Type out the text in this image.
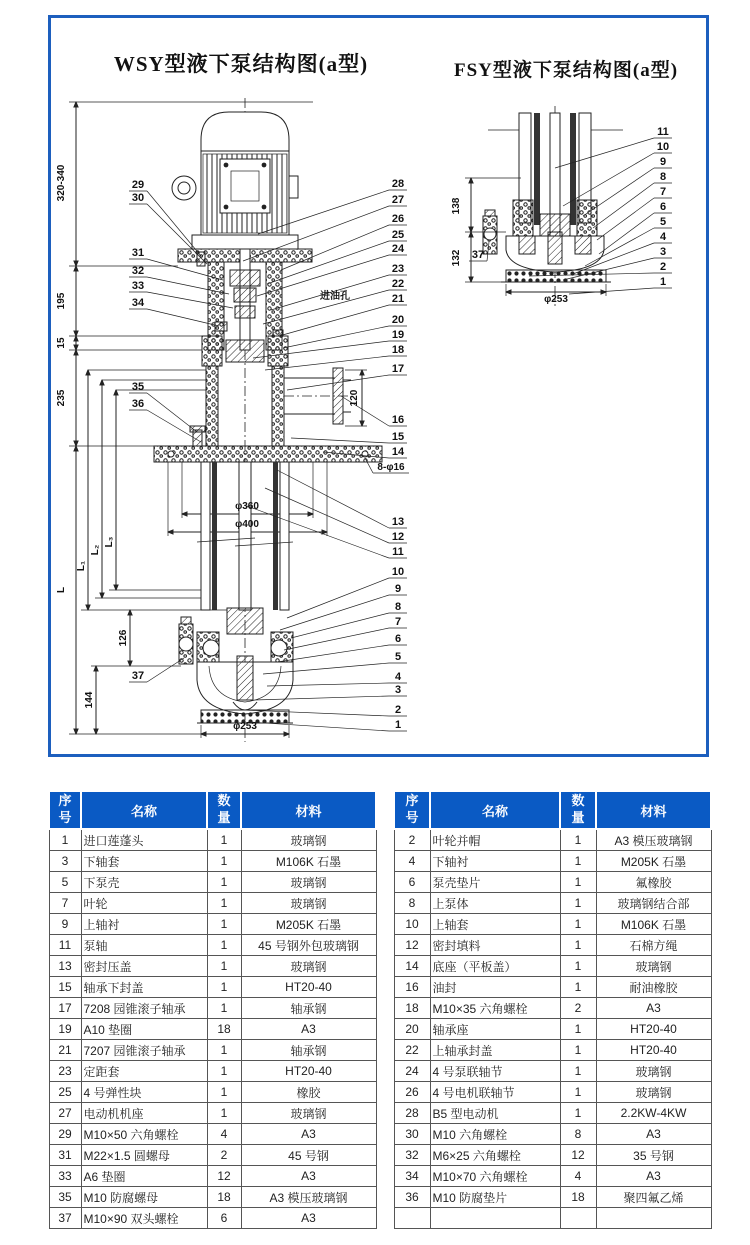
WSY型液下泵结构图(a型)	FSY型液下泵结构图(a型)
29
30
31
32
33
34
35
36
37
28
27
26
25
24
23
22
21
20
19
18
17
16
15
14
13
12
11
10
9
8
7
6
5
4
3
2
1
320-340
195
15
235
L
L₁
L₂
L₃
126
144
120
φ360
φ400
8-φ16
φ253
进油孔
11
10
9
8
7
6
5
4
3
2
1
37
138
132
φ253
序号	名称	数量	材料
1	进口莲蓬头	1	玻璃钢
3	下轴套	1	M106K 石墨
5	下泵壳	1	玻璃钢
7	叶轮	1	玻璃钢
9	上轴衬	1	M205K 石墨
11	泵轴	1	45 号钢外包玻璃钢
13	密封压盖	1	玻璃钢
15	轴承下封盖	1	HT20-40
17	7208 园锥滚子轴承	1	轴承钢
19	A10 垫圈	18	A3
21	7207 园锥滚子轴承	1	轴承钢
23	定距套	1	HT20-40
25	4 号弹性块	1	橡胶
27	电动机机座	1	玻璃钢
29	M10×50 六角螺栓	4	A3
31	M22×1.5 圆螺母	2	45 号钢
33	A6 垫圈	12	A3
35	M10 防腐螺母	18	A3 模压玻璃钢
37	M10×90 双头螺栓	6	A3
序号	名称	数量	材料
2	叶轮并帽	1	A3 模压玻璃钢
4	下轴衬	1	M205K 石墨
6	泵壳垫片	1	氟橡胶
8	上泵体	1	玻璃钢结合部
10	上轴套	1	M106K 石墨
12	密封填料	1	石棉方绳
14	底座（平板盖）	1	玻璃钢
16	油封	1	耐油橡胶
18	M10×35 六角螺栓	2	A3
20	轴承座	1	HT20-40
22	上轴承封盖	1	HT20-40
24	4 号泵联轴节	1	玻璃钢
26	4 号电机联轴节	1	玻璃钢
28	B5 型电动机	1	2.2KW-4KW
30	M10 六角螺栓	8	A3
32	M6×25 六角螺栓	12	35 号钢
34	M10×70 六角螺栓	4	A3
36	M10 防腐垫片	18	聚四氟乙烯
